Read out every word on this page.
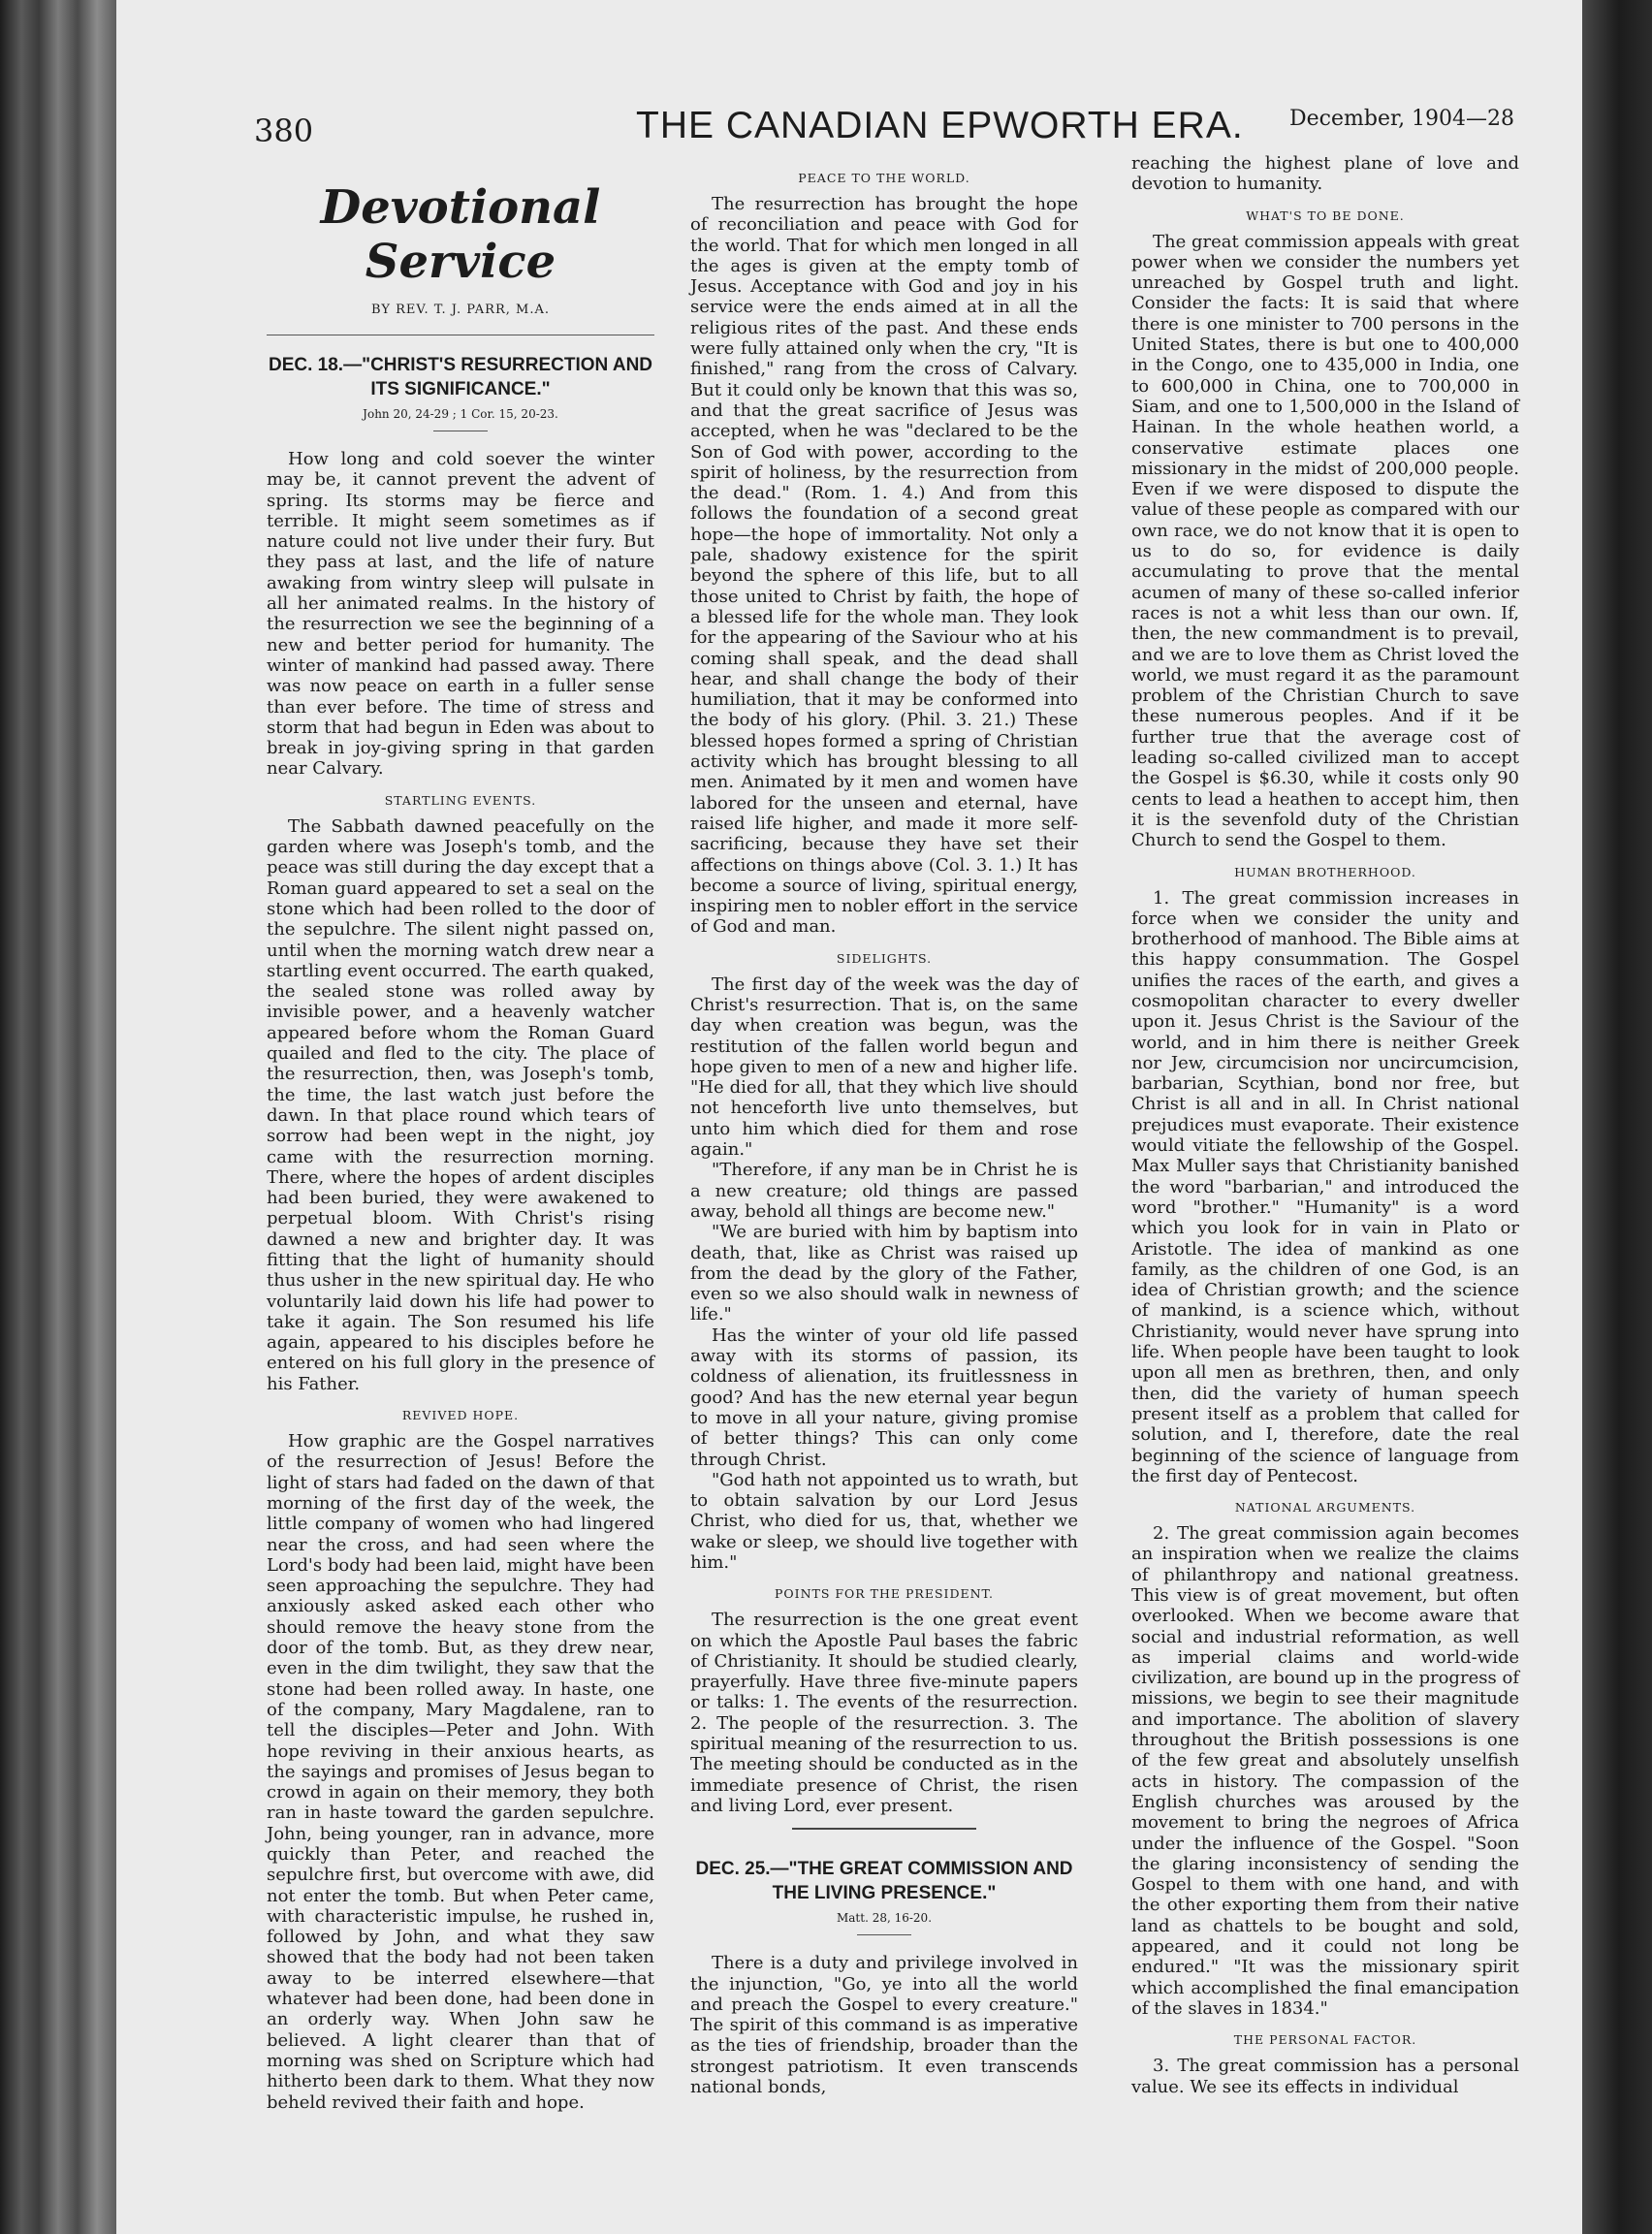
380	THE CANADIAN EPWORTH ERA. December, 1904—28

Devotional Service

BY REV. T. J. PARR, M.A.

DEC. 18.—"CHRIST'S RESURRECTION AND ITS SIGNIFICANCE."

John 20, 24-29 ; 1 Cor. 15, 20-23.

How long and cold soever the winter may be, it cannot prevent the advent of spring. Its storms may be fierce and terrible. It might seem sometimes as if nature could not live under their fury. But they pass at last, and the life of nature awaking from wintry sleep will pulsate in all her animated realms. In the history of the resurrection we see the beginning of a new and better period for humanity. The winter of mankind had passed away. There was now peace on earth in a fuller sense than ever before. The time of stress and storm that had begun in Eden was about to break in joy-giving spring in that garden near Calvary.

STARTLING EVENTS.

The Sabbath dawned peacefully on the garden where was Joseph's tomb, and the peace was still during the day except that a Roman guard appeared to set a seal on the stone which had been rolled to the door of the sepulchre. The silent night passed on, until when the morning watch drew near a startling event occurred. The earth quaked, the sealed stone was rolled away by invisible power, and a heavenly watcher appeared before whom the Roman Guard quailed and fled to the city. The place of the resurrection, then, was Joseph's tomb, the time, the last watch just before the dawn. In that place round which tears of sorrow had been wept in the night, joy came with the resurrection morning. There, where the hopes of ardent disciples had been buried, they were awakened to perpetual bloom. With Christ's rising dawned a new and brighter day. It was fitting that the light of humanity should thus usher in the new spiritual day. He who voluntarily laid down his life had power to take it again. The Son resumed his life again, appeared to his disciples before he entered on his full glory in the presence of his Father.

REVIVED HOPE.

How graphic are the Gospel narratives of the resurrection of Jesus! Before the light of stars had faded on the dawn of that morning of the first day of the week, the little company of women who had lingered near the cross, and had seen where the Lord's body had been laid, might have been seen approaching the sepulchre. They had anxiously asked asked each other who should remove the heavy stone from the door of the tomb. But, as they drew near, even in the dim twilight, they saw that the stone had been rolled away. In haste, one of the company, Mary Magdalene, ran to tell the disciples—Peter and John. With hope reviving in their anxious hearts, as the sayings and promises of Jesus began to crowd in again on their memory, they both ran in haste toward the garden sepulchre. John, being younger, ran in advance, more quickly than Peter, and reached the sepulchre first, but overcome with awe, did not enter the tomb. But when Peter came, with characteristic impulse, he rushed in, followed by John, and what they saw showed that the body had not been taken away to be interred elsewhere—that whatever had been done, had been done in an orderly way. When John saw he believed. A light clearer than that of morning was shed on Scripture which had hitherto been dark to them. What they now beheld revived their faith and hope.

PEACE TO THE WORLD.

The resurrection has brought the hope of reconciliation and peace with God for the world. That for which men longed in all the ages is given at the empty tomb of Jesus. Acceptance with God and joy in his service were the ends aimed at in all the religious rites of the past. And these ends were fully attained only when the cry, "It is finished," rang from the cross of Calvary. But it could only be known that this was so, and that the great sacrifice of Jesus was accepted, when he was "declared to be the Son of God with power, according to the spirit of holiness, by the resurrection from the dead." (Rom. 1. 4.) And from this follows the foundation of a second great hope—the hope of immortality. Not only a pale, shadowy existence for the spirit beyond the sphere of this life, but to all those united to Christ by faith, the hope of a blessed life for the whole man. They look for the appearing of the Saviour who at his coming shall speak, and the dead shall hear, and shall change the body of their humiliation, that it may be conformed into the body of his glory. (Phil. 3. 21.) These blessed hopes formed a spring of Christian activity which has brought blessing to all men. Animated by it men and women have labored for the unseen and eternal, have raised life higher, and made it more self-sacrificing, because they have set their affections on things above (Col. 3. 1.) It has become a source of living, spiritual energy, inspiring men to nobler effort in the service of God and man.

SIDELIGHTS.

The first day of the week was the day of Christ's resurrection. That is, on the same day when creation was begun, was the restitution of the fallen world begun and hope given to men of a new and higher life. "He died for all, that they which live should not henceforth live unto themselves, but unto him which died for them and rose again."

"Therefore, if any man be in Christ he is a new creature; old things are passed away, behold all things are become new."

"We are buried with him by baptism into death, that, like as Christ was raised up from the dead by the glory of the Father, even so we also should walk in newness of life."

Has the winter of your old life passed away with its storms of passion, its coldness of alienation, its fruitlessness in good? And has the new eternal year begun to move in all your nature, giving promise of better things? This can only come through Christ.

"God hath not appointed us to wrath, but to obtain salvation by our Lord Jesus Christ, who died for us, that, whether we wake or sleep, we should live together with him."

POINTS FOR THE PRESIDENT.

The resurrection is the one great event on which the Apostle Paul bases the fabric of Christianity. It should be studied clearly, prayerfully. Have three five-minute papers or talks: 1. The events of the resurrection. 2. The people of the resurrection. 3. The spiritual meaning of the resurrection to us. The meeting should be conducted as in the immediate presence of Christ, the risen and living Lord, ever present.

DEC. 25.—"THE GREAT COMMISSION AND THE LIVING PRESENCE."

Matt. 28, 16-20.

There is a duty and privilege involved in the injunction, "Go, ye into all the world and preach the Gospel to every creature." The spirit of this command is as imperative as the ties of friendship, broader than the strongest patriotism. It even transcends national bonds,

reaching the highest plane of love and devotion to humanity.

WHAT'S TO BE DONE.

The great commission appeals with great power when we consider the numbers yet unreached by Gospel truth and light. Consider the facts: It is said that where there is one minister to 700 persons in the United States, there is but one to 400,000 in the Congo, one to 435,000 in India, one to 600,000 in China, one to 700,000 in Siam, and one to 1,500,000 in the Island of Hainan. In the whole heathen world, a conservative estimate places one missionary in the midst of 200,000 people. Even if we were disposed to dispute the value of these people as compared with our own race, we do not know that it is open to us to do so, for evidence is daily accumulating to prove that the mental acumen of many of these so-called inferior races is not a whit less than our own. If, then, the new commandment is to prevail, and we are to love them as Christ loved the world, we must regard it as the paramount problem of the Christian Church to save these numerous peoples. And if it be further true that the average cost of leading so-called civilized man to accept the Gospel is $6.30, while it costs only 90 cents to lead a heathen to accept him, then it is the sevenfold duty of the Christian Church to send the Gospel to them.

HUMAN BROTHERHOOD.

1. The great commission increases in force when we consider the unity and brotherhood of manhood. The Bible aims at this happy consummation. The Gospel unifies the races of the earth, and gives a cosmopolitan character to every dweller upon it. Jesus Christ is the Saviour of the world, and in him there is neither Greek nor Jew, circumcision nor uncircumcision, barbarian, Scythian, bond nor free, but Christ is all and in all. In Christ national prejudices must evaporate. Their existence would vitiate the fellowship of the Gospel. Max Muller says that Christianity banished the word "barbarian," and introduced the word "brother." "Humanity" is a word which you look for in vain in Plato or Aristotle. The idea of mankind as one family, as the children of one God, is an idea of Christian growth; and the science of mankind, is a science which, without Christianity, would never have sprung into life. When people have been taught to look upon all men as brethren, then, and only then, did the variety of human speech present itself as a problem that called for solution, and I, therefore, date the real beginning of the science of language from the first day of Pentecost.

NATIONAL ARGUMENTS.

2. The great commission again becomes an inspiration when we realize the claims of philanthropy and national greatness. This view is of great movement, but often overlooked. When we become aware that social and industrial reformation, as well as imperial claims and world-wide civilization, are bound up in the progress of missions, we begin to see their magnitude and importance. The abolition of slavery throughout the British possessions is one of the few great and absolutely unselfish acts in history. The compassion of the English churches was aroused by the movement to bring the negroes of Africa under the influence of the Gospel. "Soon the glaring inconsistency of sending the Gospel to them with one hand, and with the other exporting them from their native land as chattels to be bought and sold, appeared, and it could not long be endured." "It was the missionary spirit which accomplished the final emancipation of the slaves in 1834."

THE PERSONAL FACTOR.

3. The great commission has a personal value. We see its effects in individual
